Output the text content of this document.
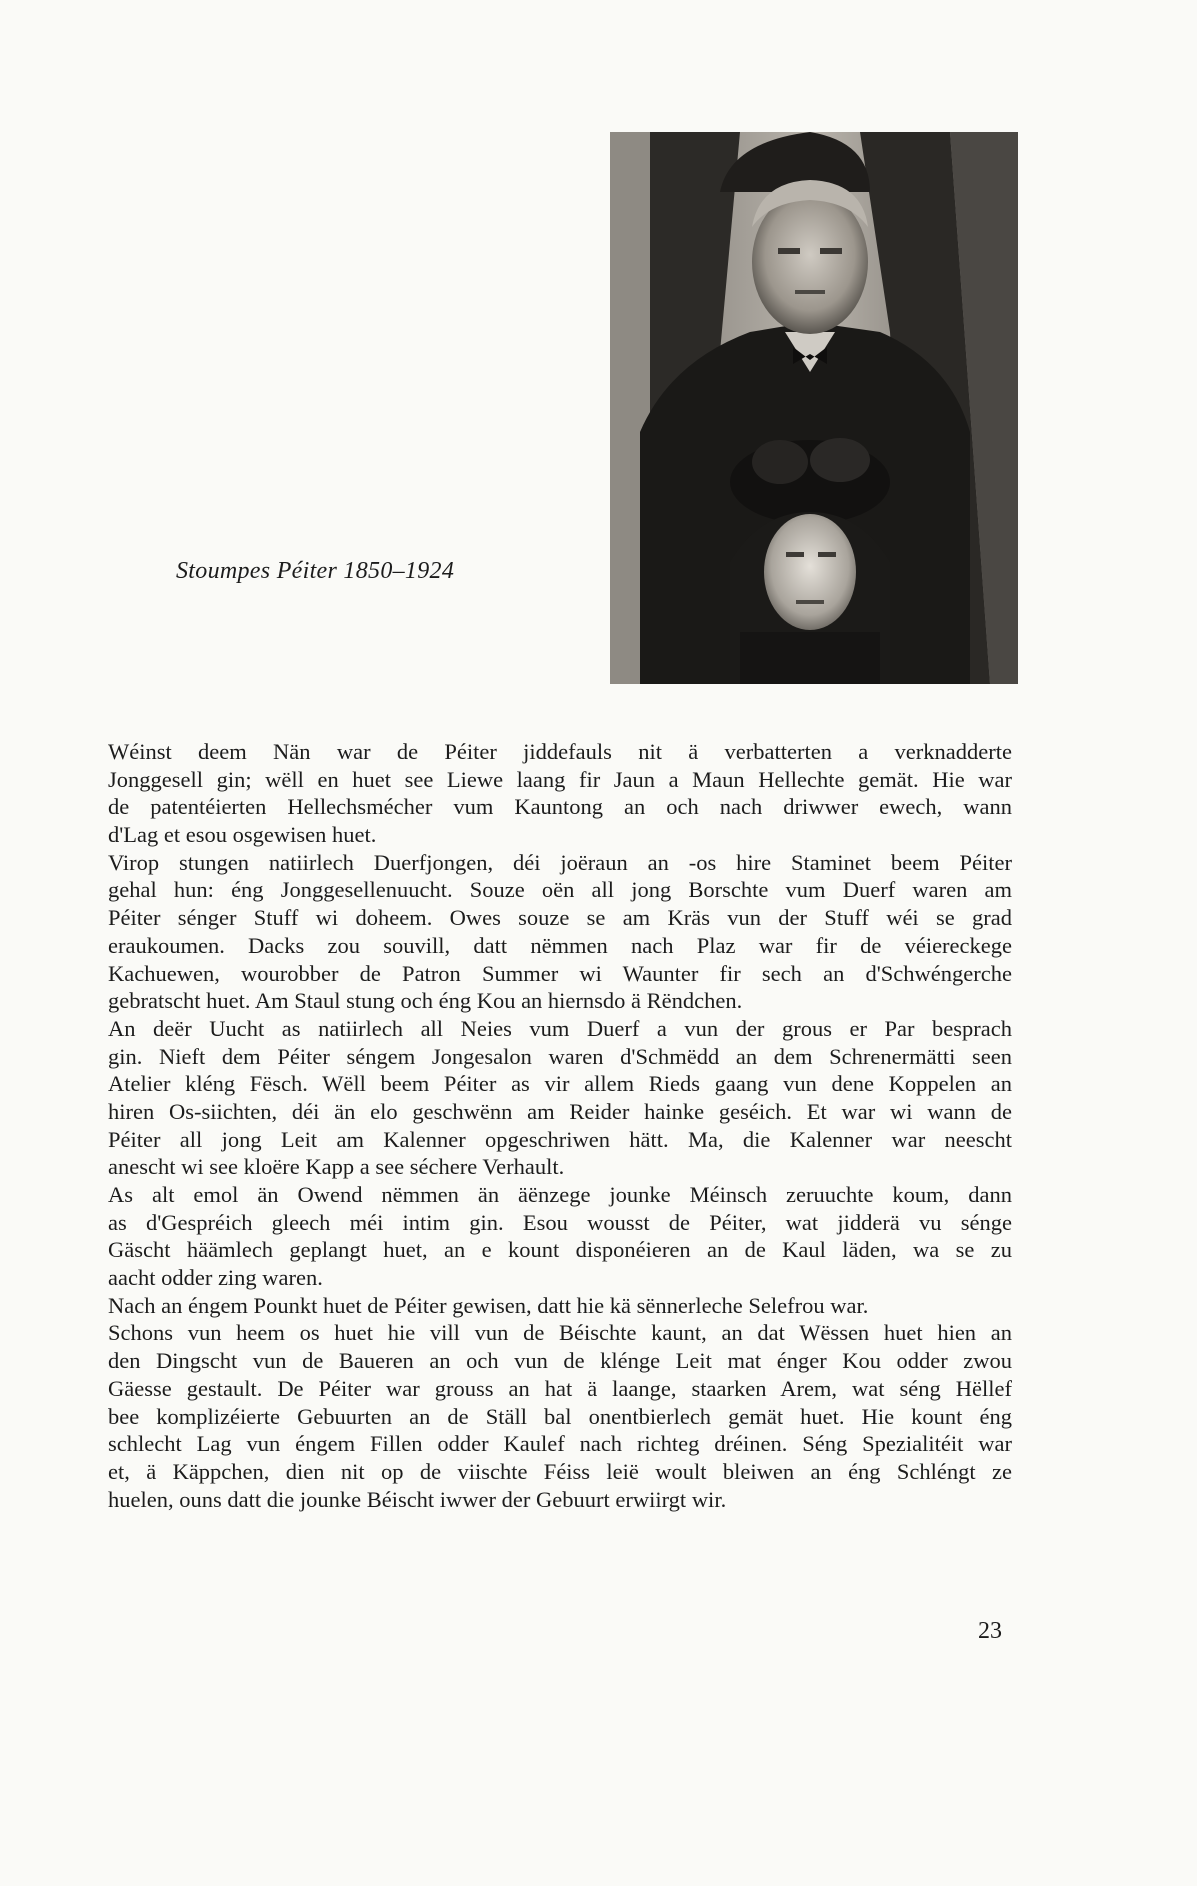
Stoumpes Péiter 1850–1924
Wéinst deem Nän war de Péiter jiddefauls nit ä verbatterten a verknadderte
Jonggesell gin; wëll en huet see Liewe laang fir Jaun a Maun Hellechte gemät. Hie war
de patentéierten Hellechsmécher vum Kauntong an och nach driwwer ewech, wann
d'Lag et esou osgewisen huet.
Virop stungen natiirlech Duerfjongen, déi joëraun an -os hire Staminet beem Péiter
gehal hun: éng Jonggesellenuucht. Souze oën all jong Borschte vum Duerf waren am
Péiter sénger Stuff wi doheem. Owes souze se am Kräs vun der Stuff wéi se grad
eraukoumen. Dacks zou souvill, datt nëmmen nach Plaz war fir de véiereckege
Kachuewen, wourobber de Patron Summer wi Waunter fir sech an d'Schwéngerche
gebratscht huet. Am Staul stung och éng Kou an hiernsdo ä Rëndchen.
An deër Uucht as natiirlech all Neies vum Duerf a vun der grous er Par besprach
gin. Nieft dem Péiter séngem Jongesalon waren d'Schmëdd an dem Schrenermätti seen
Atelier kléng Fësch. Wëll beem Péiter as vir allem Rieds gaang vun dene Koppelen an
hiren Os-siichten, déi än elo geschwënn am Reider hainke geséich. Et war wi wann de
Péiter all jong Leit am Kalenner opgeschriwen hätt. Ma, die Kalenner war neescht
anescht wi see kloëre Kapp a see séchere Verhault.
As alt emol än Owend nëmmen än äënzege jounke Méinsch zeruuchte koum, dann
as d'Gespréich gleech méi intim gin. Esou wousst de Péiter, wat jidderä vu sénge
Gäscht häämlech geplangt huet, an e kount disponéieren an de Kaul läden, wa se zu
aacht odder zing waren.
Nach an éngem Pounkt huet de Péiter gewisen, datt hie kä sënnerleche Selefrou war.
Schons vun heem os huet hie vill vun de Béischte kaunt, an dat Wëssen huet hien an
den Dingscht vun de Baueren an och vun de klénge Leit mat énger Kou odder zwou
Gäesse gestault. De Péiter war grouss an hat ä laange, staarken Arem, wat séng Hëllef
bee komplizéierte Gebuurten an de Ställ bal onentbierlech gemät huet. Hie kount éng
schlecht Lag vun éngem Fillen odder Kaulef nach richteg dréinen. Séng Spezialitéit war
et, ä Käppchen, dien nit op de viischte Féiss leië woult bleiwen an éng Schléngt ze
huelen, ouns datt die jounke Béischt iwwer der Gebuurt erwiirgt wir.
23
